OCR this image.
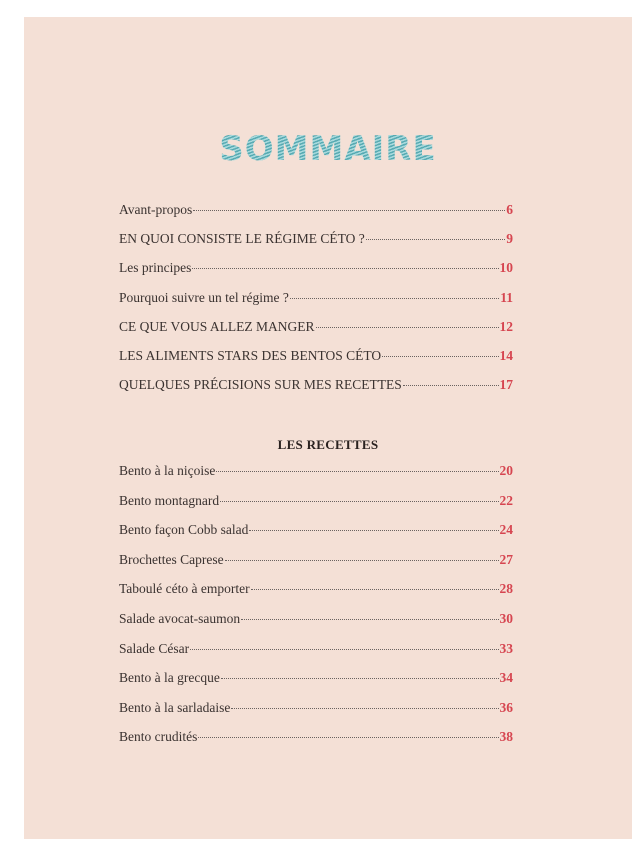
SOMMAIRE
Avant-propos	6
EN QUOI CONSISTE LE RÉGIME CÉTO ?	9
Les principes	10
Pourquoi suivre un tel régime ?	11
CE QUE VOUS ALLEZ MANGER	12
LES ALIMENTS STARS DES BENTOS CÉTO	14
QUELQUES PRÉCISIONS SUR MES RECETTES	17
LES RECETTES
Bento à la niçoise	20
Bento montagnard	22
Bento façon Cobb salad	24
Brochettes Caprese	27
Taboulé céto à emporter	28
Salade avocat-saumon	30
Salade César	33
Bento à la grecque	34
Bento à la sarladaise	36
Bento crudités	38
